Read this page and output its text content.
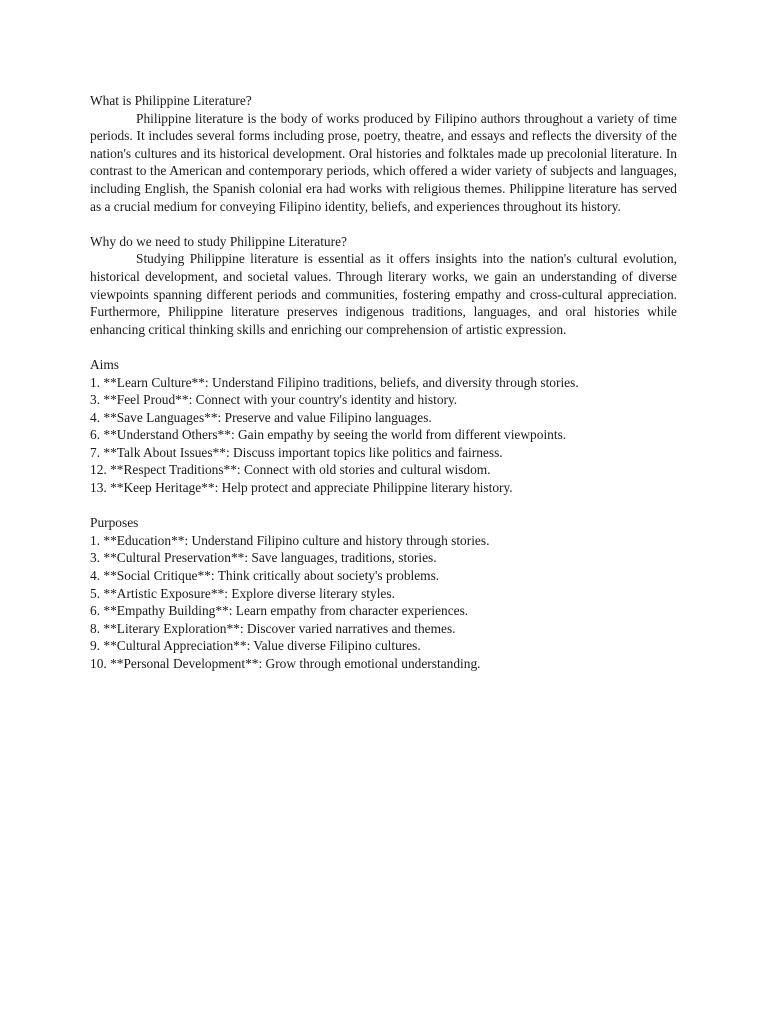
What is Philippine Literature?

Philippine literature is the body of works produced by Filipino authors throughout a variety of time periods. It includes several forms including prose, poetry, theatre, and essays and reflects the diversity of the nation's cultures and its historical development. Oral histories and folktales made up precolonial literature. In contrast to the American and contemporary periods, which offered a wider variety of subjects and languages, including English, the Spanish colonial era had works with religious themes. Philippine literature has served as a crucial medium for conveying Filipino identity, beliefs, and experiences throughout its history.

Why do we need to study Philippine Literature?

Studying Philippine literature is essential as it offers insights into the nation's cultural evolution, historical development, and societal values. Through literary works, we gain an understanding of diverse viewpoints spanning different periods and communities, fostering empathy and cross-cultural appreciation. Furthermore, Philippine literature preserves indigenous traditions, languages, and oral histories while enhancing critical thinking skills and enriching our comprehension of artistic expression.

Aims

1. **Learn Culture**: Understand Filipino traditions, beliefs, and diversity through stories.
3. **Feel Proud**: Connect with your country's identity and history.
4. **Save Languages**: Preserve and value Filipino languages.
6. **Understand Others**: Gain empathy by seeing the world from different viewpoints.
7. **Talk About Issues**: Discuss important topics like politics and fairness.
12. **Respect Traditions**: Connect with old stories and cultural wisdom.
13. **Keep Heritage**: Help protect and appreciate Philippine literary history.

Purposes

1. **Education**: Understand Filipino culture and history through stories.
3. **Cultural Preservation**: Save languages, traditions, stories.
4. **Social Critique**: Think critically about society's problems.
5. **Artistic Exposure**: Explore diverse literary styles.
6. **Empathy Building**: Learn empathy from character experiences.
8. **Literary Exploration**: Discover varied narratives and themes.
9. **Cultural Appreciation**: Value diverse Filipino cultures.
10. **Personal Development**: Grow through emotional understanding.
